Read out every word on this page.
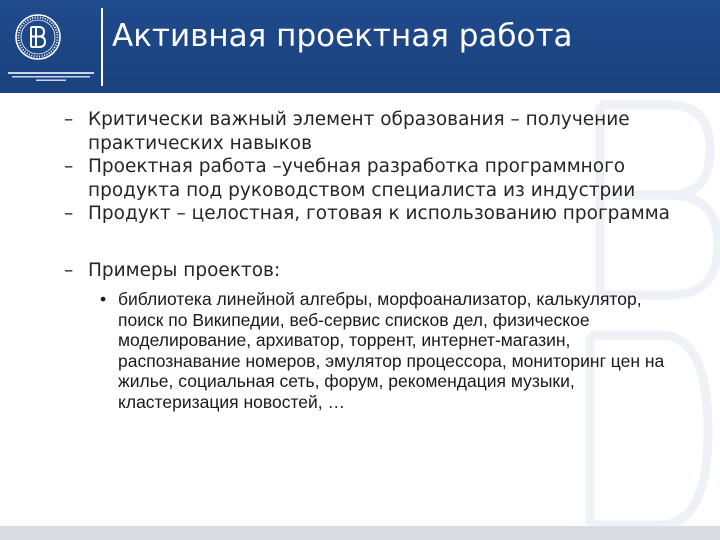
Активная проектная работа
– Критически важный элемент образования – получение практических навыков
– Проектная работа –учебная разработка программного продукта под руководством специалиста из индустрии
– Продукт – целостная, готовая к использованию программа
– Примеры проектов:
• библиотека линейной алгебры, морфоанализатор, калькулятор, поиск по Википедии, веб-сервис списков дел, физическое моделирование, архиватор, торрент, интернет-магазин, распознавание номеров, эмулятор процессора, мониторинг цен на жилье, социальная сеть, форум, рекомендация музыки, кластеризация новостей, …
